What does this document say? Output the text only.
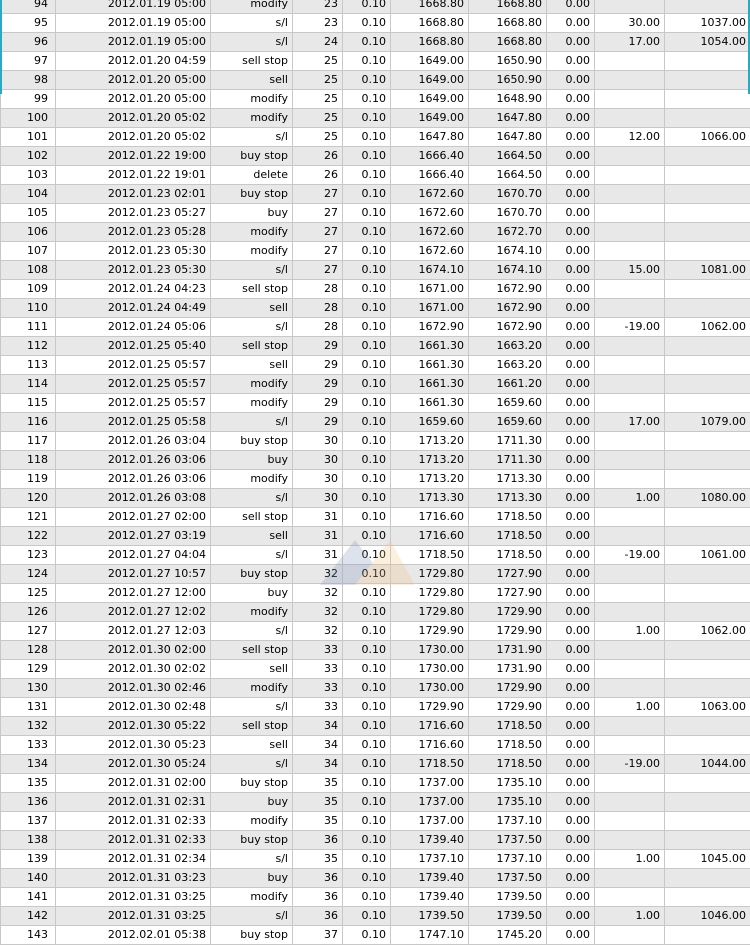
94	2012.01.19 05:00	modify	23	0.10	1668.80	1668.80	0.00		
95	2012.01.19 05:00	s/l	23	0.10	1668.80	1668.80	0.00	30.00	1037.00
96	2012.01.19 05:00	s/l	24	0.10	1668.80	1668.80	0.00	17.00	1054.00
97	2012.01.20 04:59	sell stop	25	0.10	1649.00	1650.90	0.00		
98	2012.01.20 05:00	sell	25	0.10	1649.00	1650.90	0.00		
99	2012.01.20 05:00	modify	25	0.10	1649.00	1648.90	0.00		
100	2012.01.20 05:02	modify	25	0.10	1649.00	1647.80	0.00		
101	2012.01.20 05:02	s/l	25	0.10	1647.80	1647.80	0.00	12.00	1066.00
102	2012.01.22 19:00	buy stop	26	0.10	1666.40	1664.50	0.00		
103	2012.01.22 19:01	delete	26	0.10	1666.40	1664.50	0.00		
104	2012.01.23 02:01	buy stop	27	0.10	1672.60	1670.70	0.00		
105	2012.01.23 05:27	buy	27	0.10	1672.60	1670.70	0.00		
106	2012.01.23 05:28	modify	27	0.10	1672.60	1672.70	0.00		
107	2012.01.23 05:30	modify	27	0.10	1672.60	1674.10	0.00		
108	2012.01.23 05:30	s/l	27	0.10	1674.10	1674.10	0.00	15.00	1081.00
109	2012.01.24 04:23	sell stop	28	0.10	1671.00	1672.90	0.00		
110	2012.01.24 04:49	sell	28	0.10	1671.00	1672.90	0.00		
111	2012.01.24 05:06	s/l	28	0.10	1672.90	1672.90	0.00	-19.00	1062.00
112	2012.01.25 05:40	sell stop	29	0.10	1661.30	1663.20	0.00		
113	2012.01.25 05:57	sell	29	0.10	1661.30	1663.20	0.00		
114	2012.01.25 05:57	modify	29	0.10	1661.30	1661.20	0.00		
115	2012.01.25 05:57	modify	29	0.10	1661.30	1659.60	0.00		
116	2012.01.25 05:58	s/l	29	0.10	1659.60	1659.60	0.00	17.00	1079.00
117	2012.01.26 03:04	buy stop	30	0.10	1713.20	1711.30	0.00		
118	2012.01.26 03:06	buy	30	0.10	1713.20	1711.30	0.00		
119	2012.01.26 03:06	modify	30	0.10	1713.20	1713.30	0.00		
120	2012.01.26 03:08	s/l	30	0.10	1713.30	1713.30	0.00	1.00	1080.00
121	2012.01.27 02:00	sell stop	31	0.10	1716.60	1718.50	0.00		
122	2012.01.27 03:19	sell	31	0.10	1716.60	1718.50	0.00		
123	2012.01.27 04:04	s/l	31	0.10	1718.50	1718.50	0.00	-19.00	1061.00
124	2012.01.27 10:57	buy stop	32	0.10	1729.80	1727.90	0.00		
125	2012.01.27 12:00	buy	32	0.10	1729.80	1727.90	0.00		
126	2012.01.27 12:02	modify	32	0.10	1729.80	1729.90	0.00		
127	2012.01.27 12:03	s/l	32	0.10	1729.90	1729.90	0.00	1.00	1062.00
128	2012.01.30 02:00	sell stop	33	0.10	1730.00	1731.90	0.00		
129	2012.01.30 02:02	sell	33	0.10	1730.00	1731.90	0.00		
130	2012.01.30 02:46	modify	33	0.10	1730.00	1729.90	0.00		
131	2012.01.30 02:48	s/l	33	0.10	1729.90	1729.90	0.00	1.00	1063.00
132	2012.01.30 05:22	sell stop	34	0.10	1716.60	1718.50	0.00		
133	2012.01.30 05:23	sell	34	0.10	1716.60	1718.50	0.00		
134	2012.01.30 05:24	s/l	34	0.10	1718.50	1718.50	0.00	-19.00	1044.00
135	2012.01.31 02:00	buy stop	35	0.10	1737.00	1735.10	0.00		
136	2012.01.31 02:31	buy	35	0.10	1737.00	1735.10	0.00		
137	2012.01.31 02:33	modify	35	0.10	1737.00	1737.10	0.00		
138	2012.01.31 02:33	buy stop	36	0.10	1739.40	1737.50	0.00		
139	2012.01.31 02:34	s/l	35	0.10	1737.10	1737.10	0.00	1.00	1045.00
140	2012.01.31 03:23	buy	36	0.10	1739.40	1737.50	0.00		
141	2012.01.31 03:25	modify	36	0.10	1739.40	1739.50	0.00		
142	2012.01.31 03:25	s/l	36	0.10	1739.50	1739.50	0.00	1.00	1046.00
143	2012.02.01 05:38	buy stop	37	0.10	1747.10	1745.20	0.00		
